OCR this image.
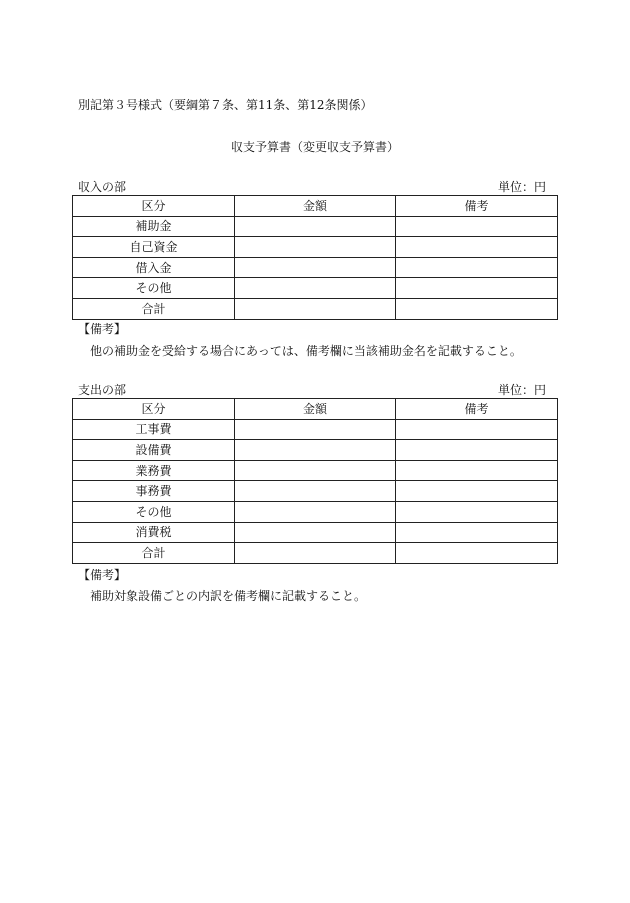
別記第３号様式（要綱第７条、第11条、第12条関係）
収支予算書（変更収支予算書）
収入の部	単位：円
区分	金額	備考
補助金		
自己資金		
借入金		
その他		
合計		
【備考】
他の補助金を受給する場合にあっては、備考欄に当該補助金名を記載すること。
支出の部	単位：円
区分	金額	備考
工事費		
設備費		
業務費		
事務費		
その他		
消費税		
合計		
【備考】
補助対象設備ごとの内訳を備考欄に記載すること。
